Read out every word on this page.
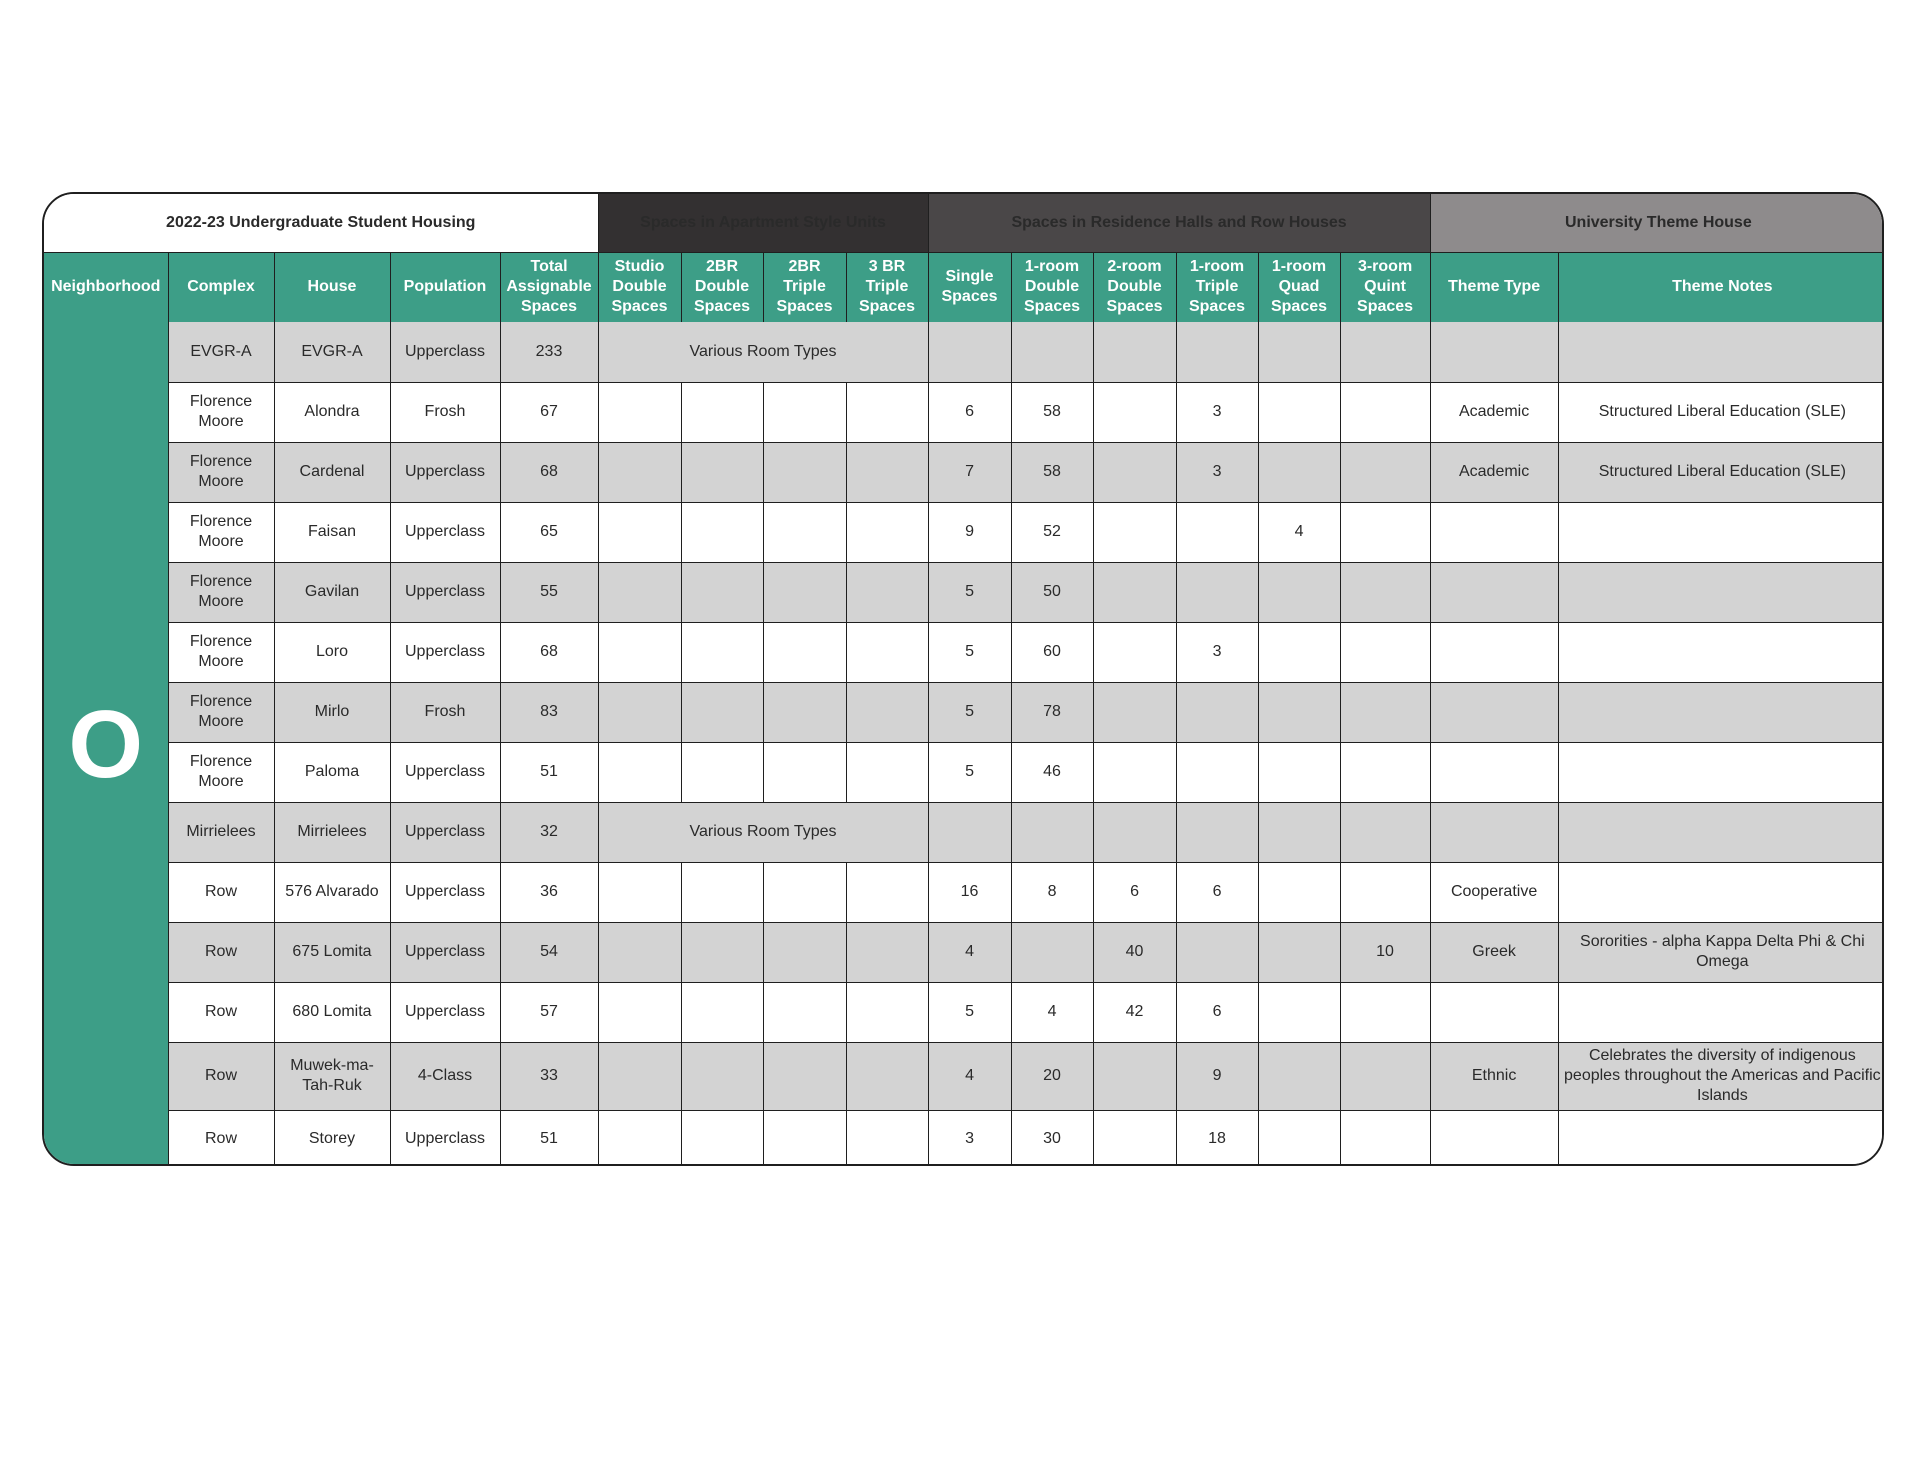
2022-23 Undergraduate Student Housing					Spaces in Apartment Style Units				Spaces in Residence Halls and Row Houses						University Theme House	
Neighborhood	Complex	House	Population	Total Assignable Spaces	Studio Double Spaces	2BR Double Spaces	2BR Triple Spaces	3 BR Triple Spaces	Single Spaces	1-room Double Spaces	2-room Double Spaces	1-room Triple Spaces	1-room Quad Spaces	3-room Quint Spaces	Theme Type	Theme Notes
O	EVGR-A	EVGR-A	Upperclass	233	Various Room Types											
	Florence Moore	Alondra	Frosh	67					6	58		3			Academic	Structured Liberal Education (SLE)
	Florence Moore	Cardenal	Upperclass	68					7	58		3			Academic	Structured Liberal Education (SLE)
	Florence Moore	Faisan	Upperclass	65					9	52			4			
	Florence Moore	Gavilan	Upperclass	55					5	50						
	Florence Moore	Loro	Upperclass	68					5	60		3				
	Florence Moore	Mirlo	Frosh	83					5	78						
	Florence Moore	Paloma	Upperclass	51					5	46						
	Mirrielees	Mirrielees	Upperclass	32	Various Room Types											
	Row	576 Alvarado	Upperclass	36					16	8	6	6			Cooperative	
	Row	675 Lomita	Upperclass	54					4		40			10	Greek	Sororities - alpha Kappa Delta Phi & Chi Omega
	Row	680 Lomita	Upperclass	57					5	4	42	6				
	Row	Muwek-ma-Tah-Ruk	4-Class	33					4	20		9			Ethnic	Celebrates the diversity of indigenous peoples throughout the Americas and Pacific Islands
	Row	Storey	Upperclass	51					3	30		18				
